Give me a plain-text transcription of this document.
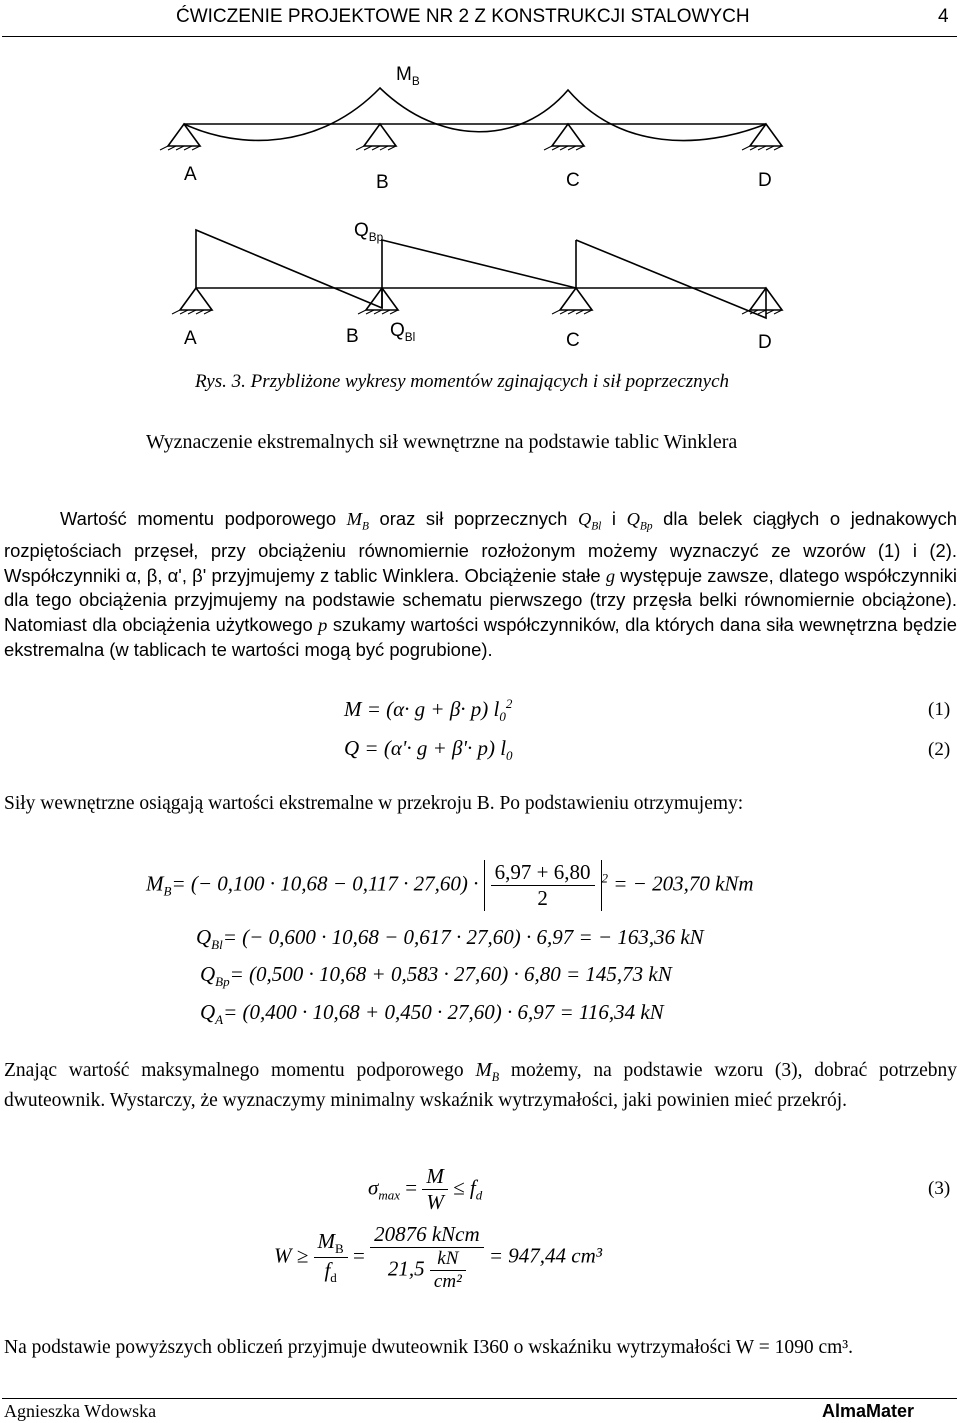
ĆWICZENIE PROJEKTOWE NR 2 Z KONSTRUKCJI STALOWYCH	4
$M_B$
A	B	C	D
$Q_{Bp}$
A	B $Q_{Bl}$	C	D
Rys. 3. Przybliżone wykresy momentów zginających i sił poprzecznych
Wyznaczenie ekstremalnych sił wewnętrzne na podstawie tablic Winklera
Wartość momentu podporowego $M_B$ oraz sił poprzecznych $Q_{Bl}$ i $Q_{Bp}$ dla belek ciągłych o jednakowych rozpiętościach przęseł, przy obciążeniu równomiernie rozłożonym możemy wyznaczyć ze wzorów (1) i (2). Współczynniki α, β, α', β' przyjmujemy z tablic Winklera. Obciążenie stałe g występuje zawsze, dlatego współczynniki dla tego obciążenia przyjmujemy na podstawie schematu pierwszego (trzy przęsła belki równomiernie obciążone). Natomiast dla obciążenia użytkowego p szukamy wartości współczynników, dla których dana siła wewnętrzna będzie ekstremalna (w tablicach te wartości mogą być pogrubione).
M = (α· g + β· p) $l_0^2$	(1)
Q = (α'· g + β'· p) $l_0$	(2)
Siły wewnętrzne osiągają wartości ekstremalne w przekroju B. Po podstawieniu otrzymujemy:
$M_B=$ (− $0,100 \cdot 10,68 - 0,117 \cdot 27,60) \cdot \frac{6,97 + 6,80}{2} ^2$ = − 203,70 kNm
$Q_{Bl}=$ (− 0,600 · 10,68 − 0,617 · 27,60) · 6,97 = − 163,36 kN
$Q_{Bp}= (0,500 \cdot 10,68 + 0,583 \cdot 27,60) \cdot 6,80 = 145,73$ kN
$Q_A= (0,400 \cdot 10,68 + 0,450 \cdot 27,60) \cdot 6,97 = 116,34$ kN
Znając wartość maksymalnego momentu podporowego $M_B$ możemy, na podstawie wzoru (3), dobrać potrzebny dwuteownik. Wystarczy, że wyznaczymy minimalny wskaźnik wytrzymałości, jaki powinien mieć przekrój.
$\sigma_{max} = \frac{M}{W} \le f_d$	(3)
$W \ge \frac{M_B}{f_d} = \frac{\text{20876 kNcm}}{21,5 \frac{kN}{\text{cm²}}} = 947,44$ cm³
Na podstawie powyższych obliczeń przyjmuje dwuteownik I360 o wskaźniku wytrzymałości W = 1090 cm³.
Agnieszka Wdowska	AlmaMater
